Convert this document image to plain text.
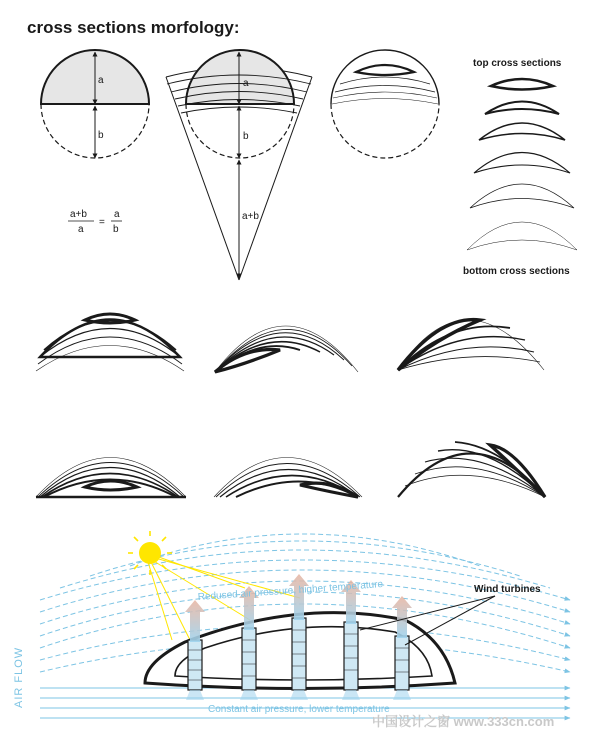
cross sections morfology:
a
b
a+b
a
=
a
b
a
b
a+b
top cross sections
bottom cross sections
Wind turbines
Redused air pressure, higher temperature
Constant air pressure, lower temperature
AIR FLOW
中国设计之窗 www.333cn.com
